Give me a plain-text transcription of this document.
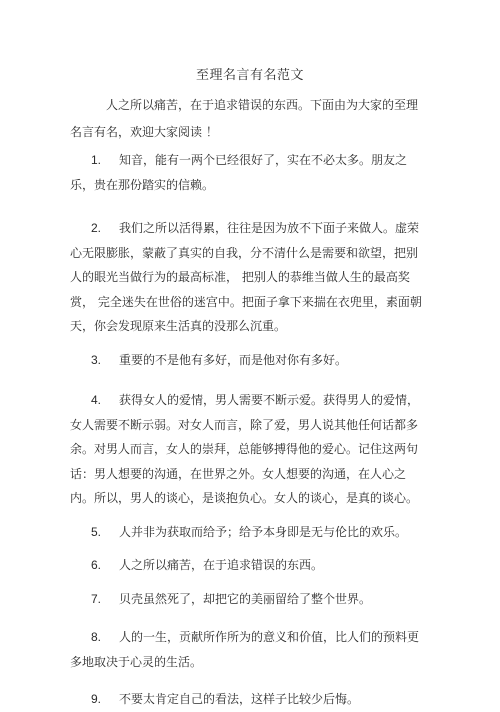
至理名言有名范文
人之所以痛苦，在于追求错误的东西。下面由为大家的至理名言有名，欢迎大家阅读 ！
1.	知音，能有一两个已经很好了，实在不必太多。朋友之乐，贵在那份踏实的信赖。
2.	我们之所以活得累，往往是因为放不下面子来做人。虚荣心无限膨胀，蒙蔽了真实的自我，分不清什么是需要和欲望，把别人的眼光当做行为的最高标准， 把别人的恭维当做人生的最高奖赏， 完全迷失在世俗的迷宫中。把面子拿下来揣在衣兜里，素面朝天，你会发现原来生活真的没那么沉重。
3.	重要的不是他有多好，而是他对你有多好。
4.	获得女人的爱情，男人需要不断示爱。获得男人的爱情，女人需要不断示弱。对女人而言，除了爱，男人说其他任何话都多余。对男人而言，女人的崇拜，总能够搏得他的爱心。记住这两句话：男人想要的沟通，在世界之外。女人想要的沟通，在人心之内。所以，男人的谈心，是谈抱负心。女人的谈心，是真的谈心。
5.	人并非为获取而给予；给予本身即是无与伦比的欢乐。
6.	人之所以痛苦，在于追求错误的东西。
7.	贝壳虽然死了，却把它的美丽留给了整个世界。
8.	人的一生，贡献所作所为的意义和价值，比人们的预料更多地取决于心灵的生活。
9.	不要太肯定自己的看法，这样子比较少后悔。
